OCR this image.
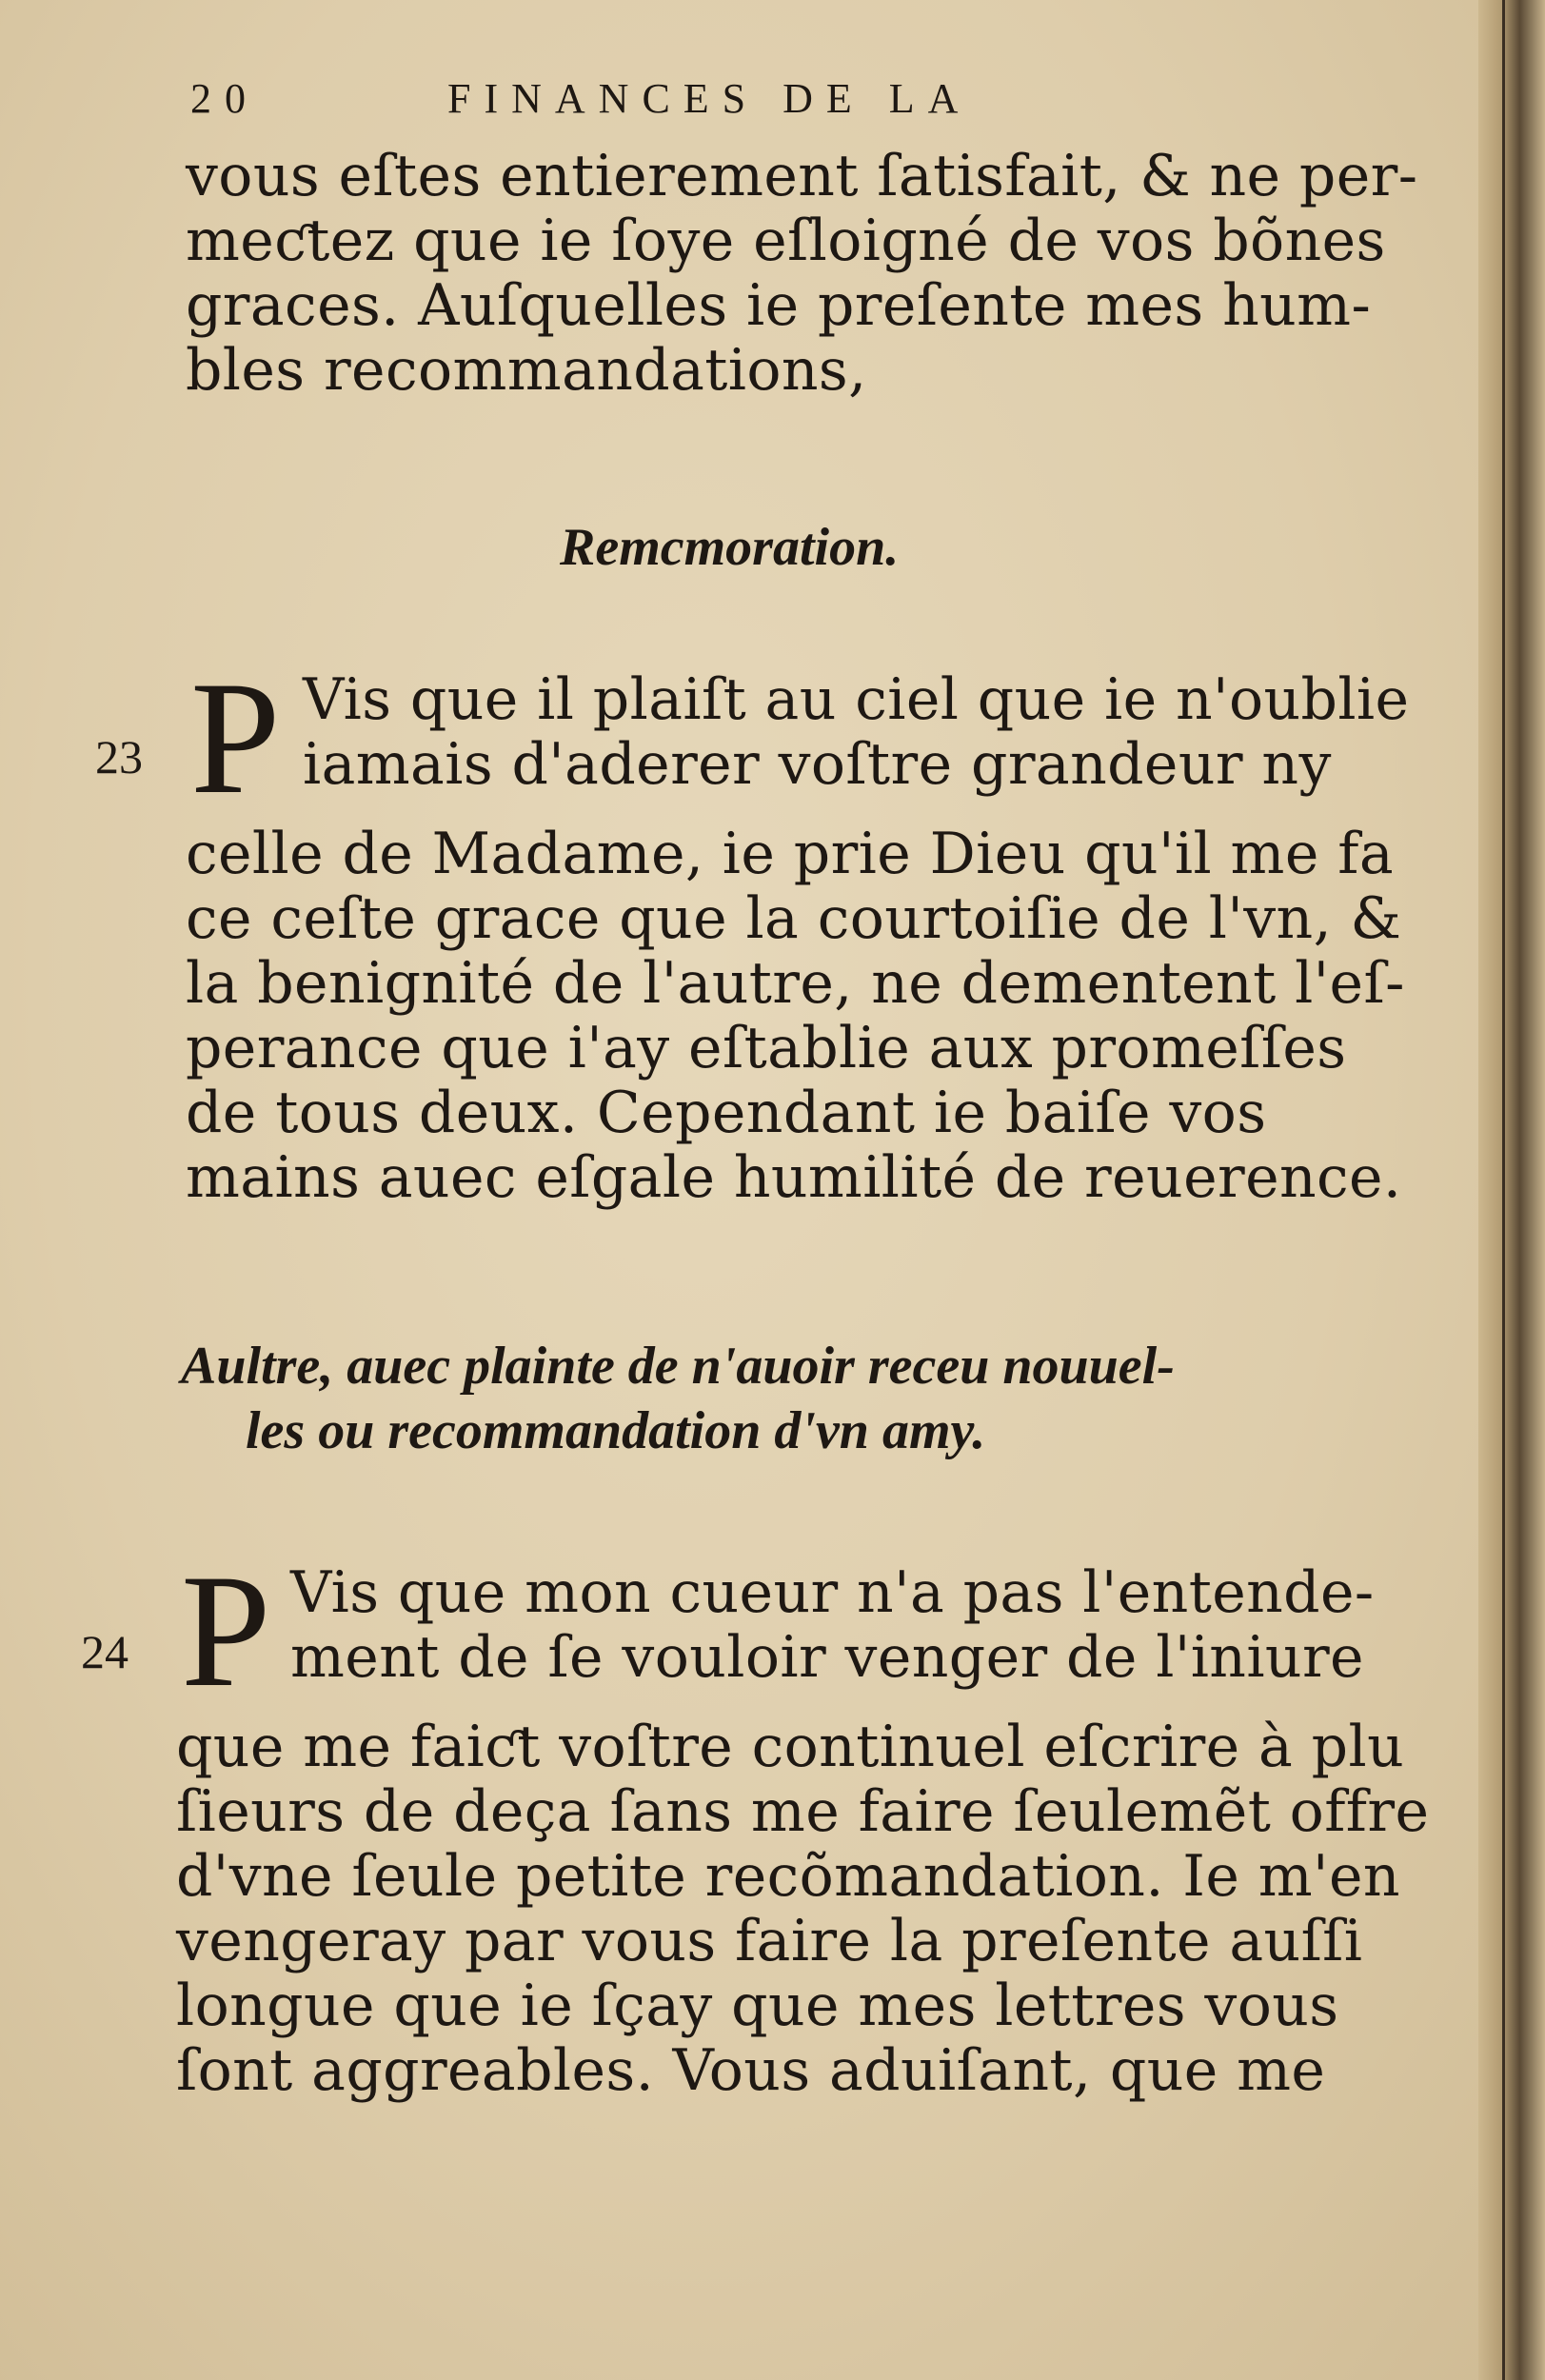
20	FINANCES DE LA
vous eſtes entierement ſatisfait, & ne per-
meƈtez que ie ſoye eſloigné de vos bõnes
graces. Auſquelles ie preſente mes hum-
bles recommandations,
Remcmoration.
23 P Vis que il plaiſt au ciel que ie n'oublie
iamais d'aderer voſtre grandeur ny
celle de Madame, ie prie Dieu qu'il me fa
ce ceſte grace que la courtoiſie de l'vn, &
la benignité de l'autre, ne dementent l'eſ-
perance que i'ay eſtablie aux promeſſes
de tous deux. Cependant ie baiſe vos
mains auec eſgale humilité de reuerence.
Aultre, auec plainte de n'auoir receu nouuel-
les ou recommandation d'vn amy.
24 P Vis que mon cueur n'a pas l'entende-
ment de ſe vouloir venger de l'iniure
que me faiƈt voſtre continuel eſcrire à plu
ſieurs de deça ſans me faire ſeulemẽt offre
d'vne ſeule petite recõmandation. Ie m'en
vengeray par vous faire la preſente auſſi
longue que ie ſçay que mes lettres vous
ſont aggreables. Vous aduiſant, que me
